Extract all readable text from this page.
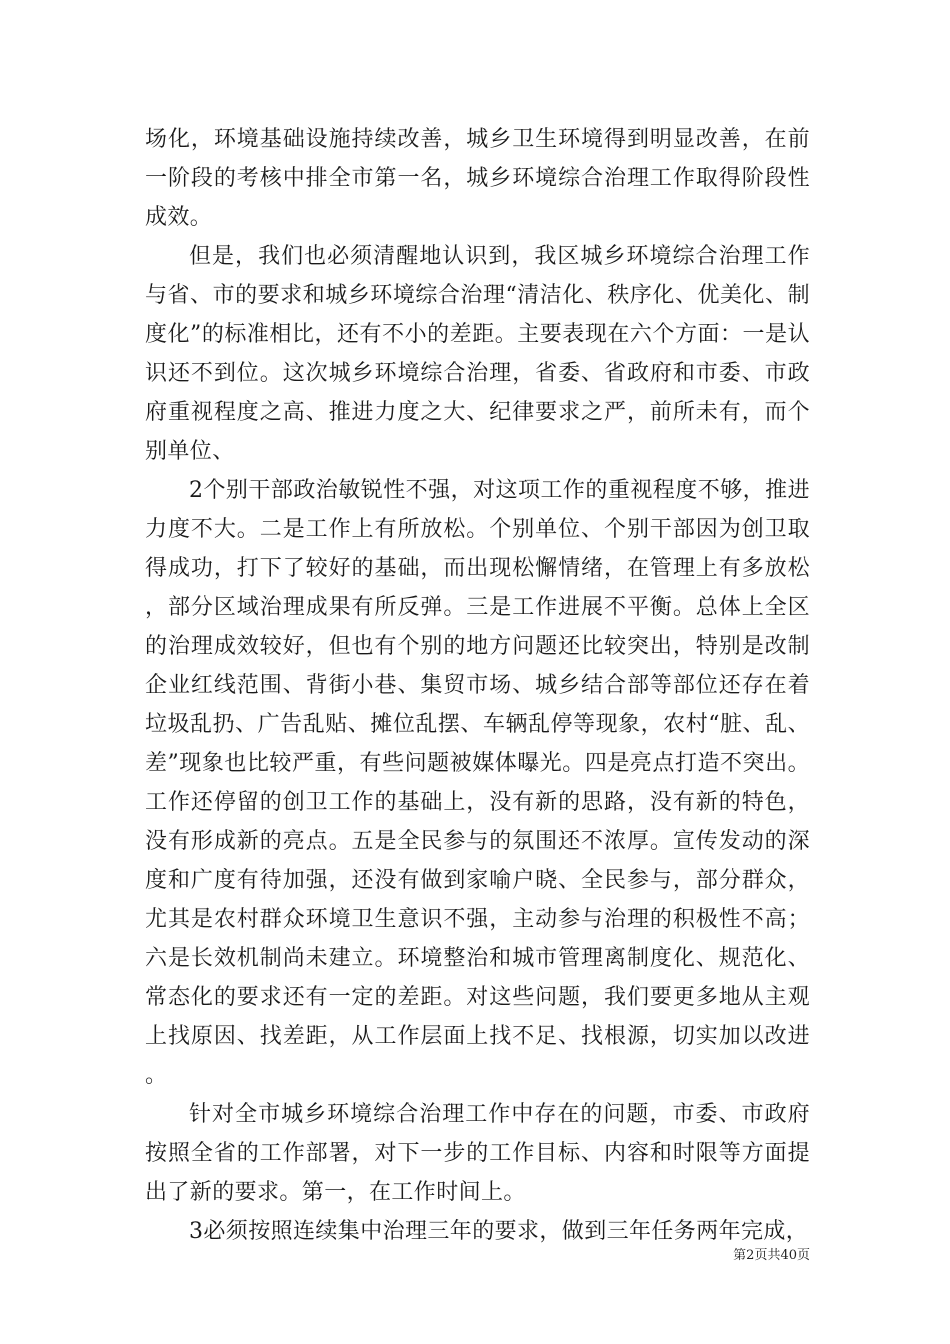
场化，环境基础设施持续改善，城乡卫生环境得到明显改善，在前一阶段的考核中排全市第一名，城乡环境综合治理工作取得阶段性成效。

但是，我们也必须清醒地认识到，我区城乡环境综合治理工作与省、市的要求和城乡环境综合治理“清洁化、秩序化、优美化、制度化”的标准相比，还有不小的差距。主要表现在六个方面：一是认识还不到位。这次城乡环境综合治理，省委、省政府和市委、市政府重视程度之高、推进力度之大、纪律要求之严，前所未有，而个别单位、

2个别干部政治敏锐性不强，对这项工作的重视程度不够，推进力度不大。二是工作上有所放松。个别单位、个别干部因为创卫取得成功，打下了较好的基础，而出现松懈情绪，在管理上有多放松，部分区域治理成果有所反弹。三是工作进展不平衡。总体上全区的治理成效较好，但也有个别的地方问题还比较突出，特别是改制企业红线范围、背街小巷、集贸市场、城乡结合部等部位还存在着垃圾乱扔、广告乱贴、摊位乱摆、车辆乱停等现象，农村“脏、乱、差”现象也比较严重，有些问题被媒体曝光。四是亮点打造不突出。工作还停留的创卫工作的基础上，没有新的思路，没有新的特色，没有形成新的亮点。五是全民参与的氛围还不浓厚。宣传发动的深度和广度有待加强，还没有做到家喻户晓、全民参与，部分群众，尤其是农村群众环境卫生意识不强，主动参与治理的积极性不高；六是长效机制尚未建立。环境整治和城市管理离制度化、规范化、常态化的要求还有一定的差距。对这些问题，我们要更多地从主观上找原因、找差距，从工作层面上找不足、找根源，切实加以改进。

针对全市城乡环境综合治理工作中存在的问题，市委、市政府按照全省的工作部署，对下一步的工作目标、内容和时限等方面提出了新的要求。第一，在工作时间上。

3必须按照连续集中治理三年的要求，做到三年任务两年完成，

第2页共40页
